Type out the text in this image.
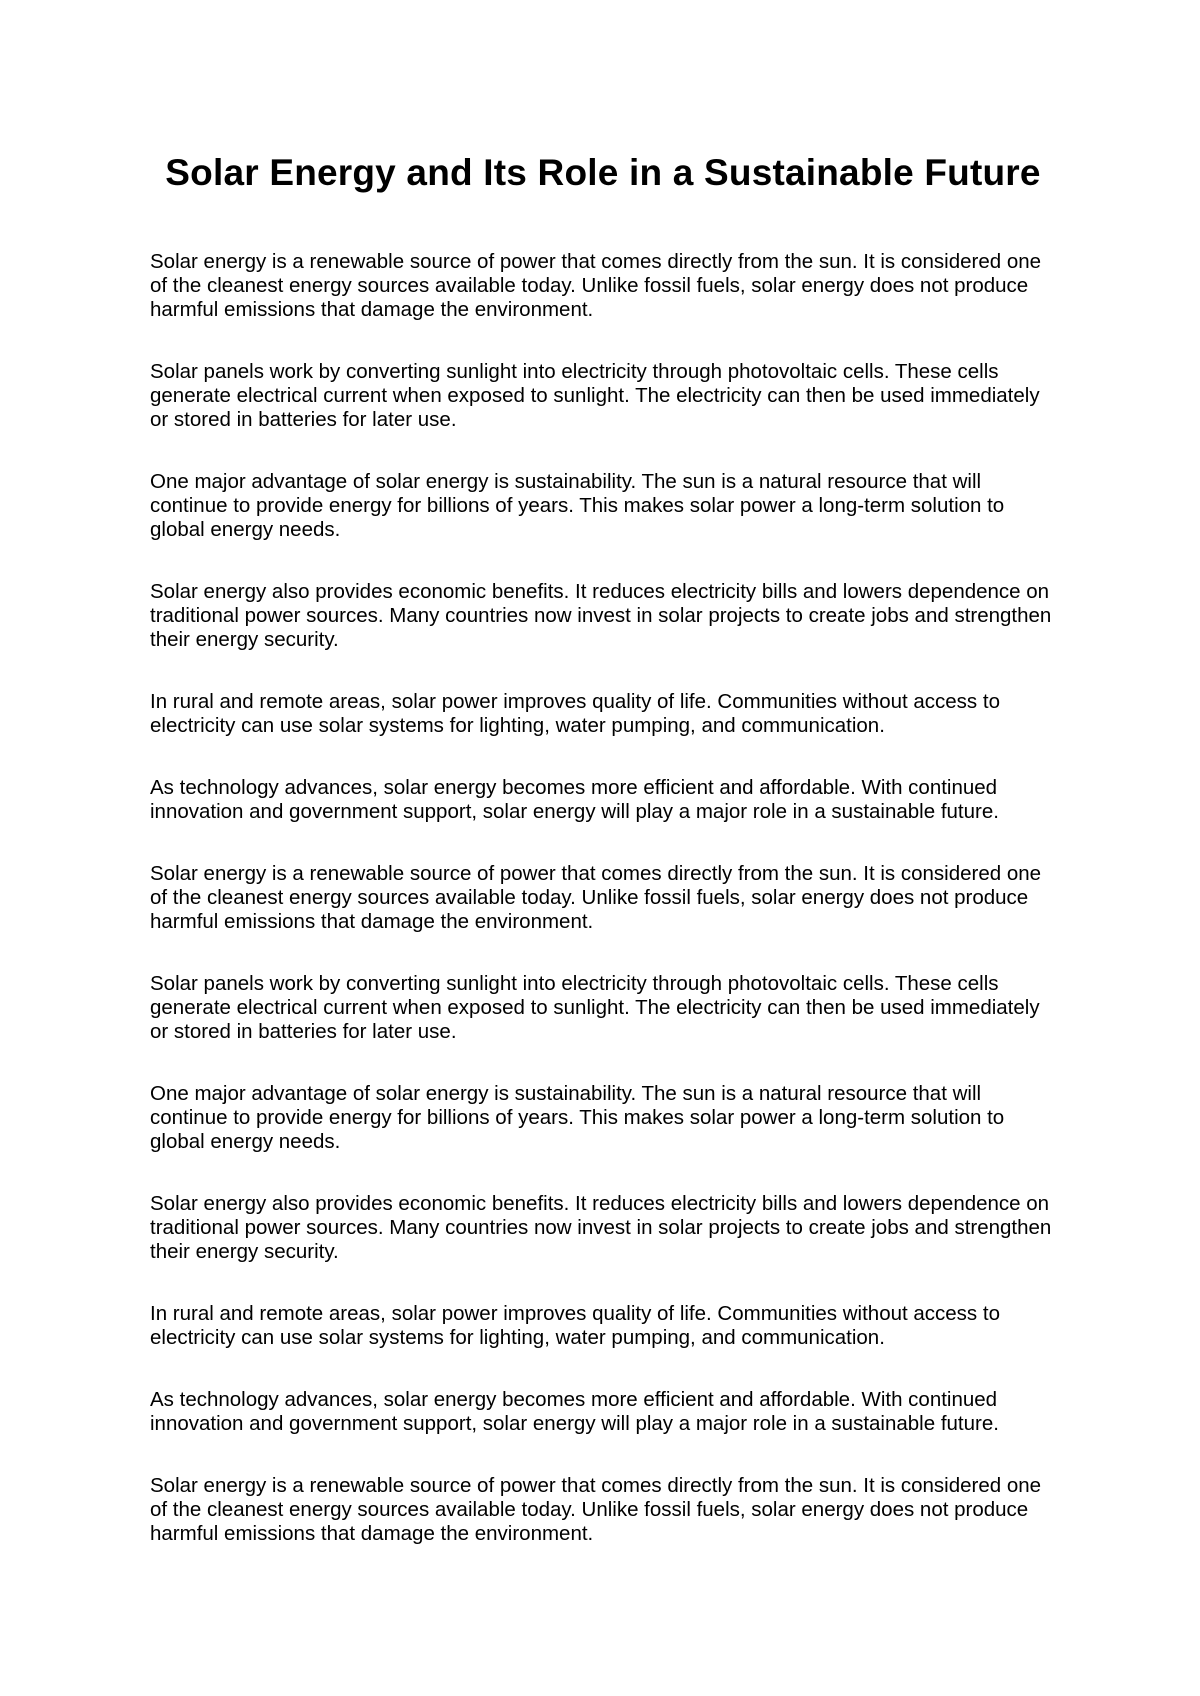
Solar Energy and Its Role in a Sustainable Future

Solar energy is a renewable source of power that comes directly from the sun. It is considered one of the cleanest energy sources available today. Unlike fossil fuels, solar energy does not produce harmful emissions that damage the environment.

Solar panels work by converting sunlight into electricity through photovoltaic cells. These cells generate electrical current when exposed to sunlight. The electricity can then be used immediately or stored in batteries for later use.

One major advantage of solar energy is sustainability. The sun is a natural resource that will continue to provide energy for billions of years. This makes solar power a long-term solution to global energy needs.

Solar energy also provides economic benefits. It reduces electricity bills and lowers dependence on traditional power sources. Many countries now invest in solar projects to create jobs and strengthen their energy security.

In rural and remote areas, solar power improves quality of life. Communities without access to electricity can use solar systems for lighting, water pumping, and communication.

As technology advances, solar energy becomes more efficient and affordable. With continued innovation and government support, solar energy will play a major role in a sustainable future.

Solar energy is a renewable source of power that comes directly from the sun. It is considered one of the cleanest energy sources available today. Unlike fossil fuels, solar energy does not produce harmful emissions that damage the environment.

Solar panels work by converting sunlight into electricity through photovoltaic cells. These cells generate electrical current when exposed to sunlight. The electricity can then be used immediately or stored in batteries for later use.

One major advantage of solar energy is sustainability. The sun is a natural resource that will continue to provide energy for billions of years. This makes solar power a long-term solution to global energy needs.

Solar energy also provides economic benefits. It reduces electricity bills and lowers dependence on traditional power sources. Many countries now invest in solar projects to create jobs and strengthen their energy security.

In rural and remote areas, solar power improves quality of life. Communities without access to electricity can use solar systems for lighting, water pumping, and communication.

As technology advances, solar energy becomes more efficient and affordable. With continued innovation and government support, solar energy will play a major role in a sustainable future.

Solar energy is a renewable source of power that comes directly from the sun. It is considered one of the cleanest energy sources available today. Unlike fossil fuels, solar energy does not produce harmful emissions that damage the environment.
